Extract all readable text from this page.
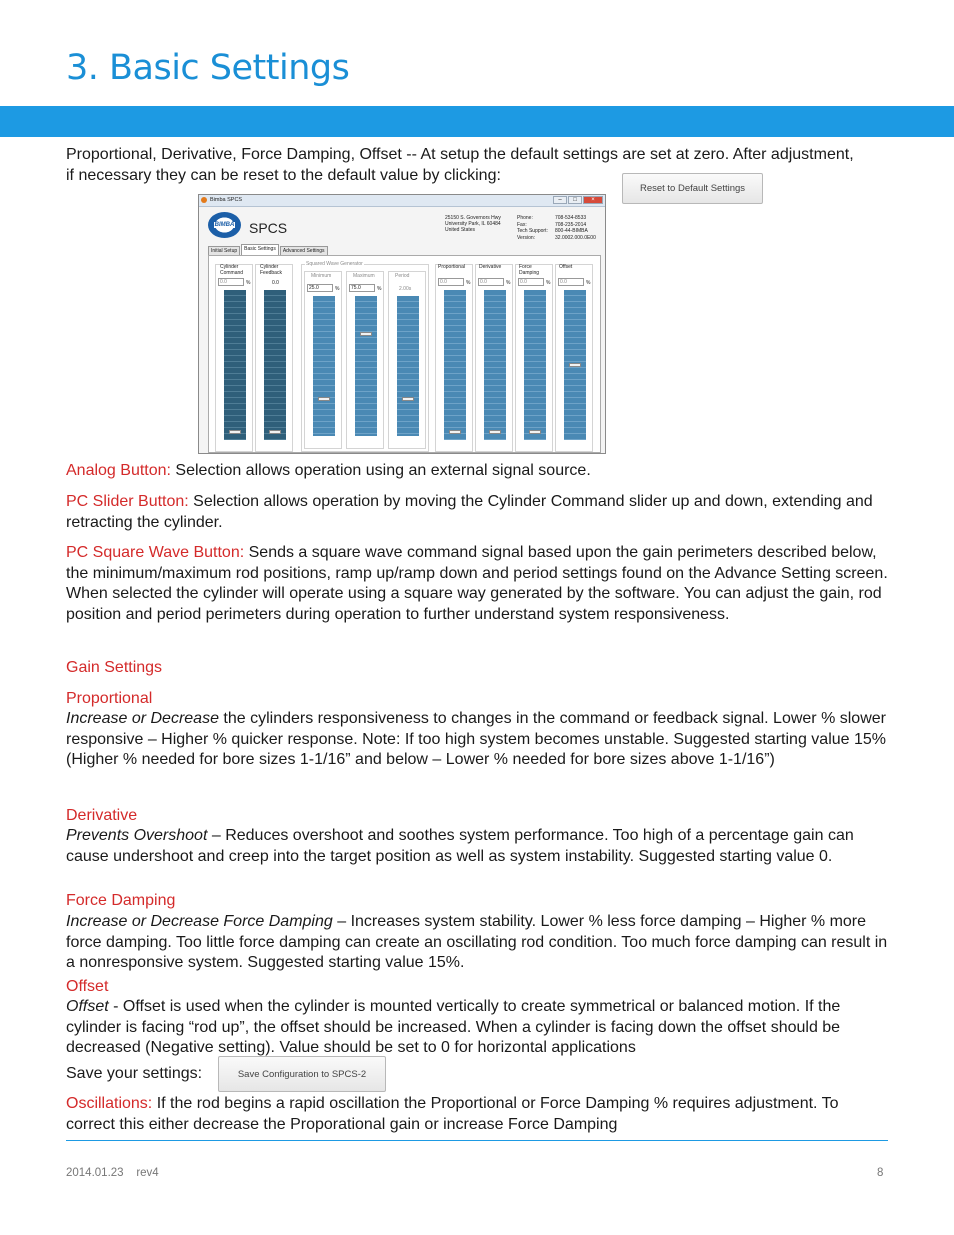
3. Basic Settings
Proportional, Derivative, Force Damping, Offset -- At setup the default settings are set at zero. After adjustment, if necessary they can be reset to the default value by clicking:
Reset to Default Settings
Bimba SPCS	–	□	×
BIMBA SPCS
25150 S. Governors Hwy
University Park, IL 60484
United States
Phone:	708-534-8533
Fax:	708-235-2014
Tech Support: 800-44-BIMBA
Version:	32.0002.000.0E00
Initial Setup	Basic Settings	Advanced Settings
Cylinder
Command
0.0	%
Cylinder
Feedback
0.0
Squared Wave Generator
Minimum
25.0	%
Maximum
75.0	%
Period
2.00s
Proportional
0.0	%
Derivative
0.0	%
Force
Damping
0.0	%
Offset
0.0	%
Analog Button: Selection allows operation using an external signal source.
PC Slider Button: Selection allows operation by moving the Cylinder Command slider up and down, extending and retracting the cylinder.
PC Square Wave Button: Sends a square wave command signal based upon the gain perimeters described below, the minimum/maximum rod positions, ramp up/ramp down and period settings found on the Advance Setting screen. When selected the cylinder will operate using a square way generated by the software. You can adjust the gain, rod position and period perimeters during operation to further understand system responsiveness.
Gain Settings
Proportional
Increase or Decrease the cylinders responsiveness to changes in the command or feedback signal. Lower % slower responsive – Higher % quicker response. Note: If too high system becomes unstable. Suggested starting value 15% (Higher % needed for bore sizes 1-1/16” and below – Lower % needed for bore sizes above 1-1/16”)
Derivative
Prevents Overshoot – Reduces overshoot and soothes system performance. Too high of a percentage gain can cause undershoot and creep into the target position as well as system instability. Suggested starting value 0.
Force Damping
Increase or Decrease Force Damping – Increases system stability. Lower % less force damping – Higher % more force damping. Too little force damping can create an oscillating rod condition. Too much force damping can result in a nonresponsive system. Suggested starting value 15%.
Offset
Offset - Offset is used when the cylinder is mounted vertically to create symmetrical or balanced motion. If the cylinder is facing “rod up”, the offset should be increased. When a cylinder is facing down the offset should be decreased (Negative setting). Value should be set to 0 for horizontal applications
Save your settings:	Save Configuration to SPCS-2
Oscillations: If the rod begins a rapid oscillation the Proportional or Force Damping % requires adjustment. To correct this either decrease the Proporational gain or increase Force Damping
2014.01.23    rev4	8
